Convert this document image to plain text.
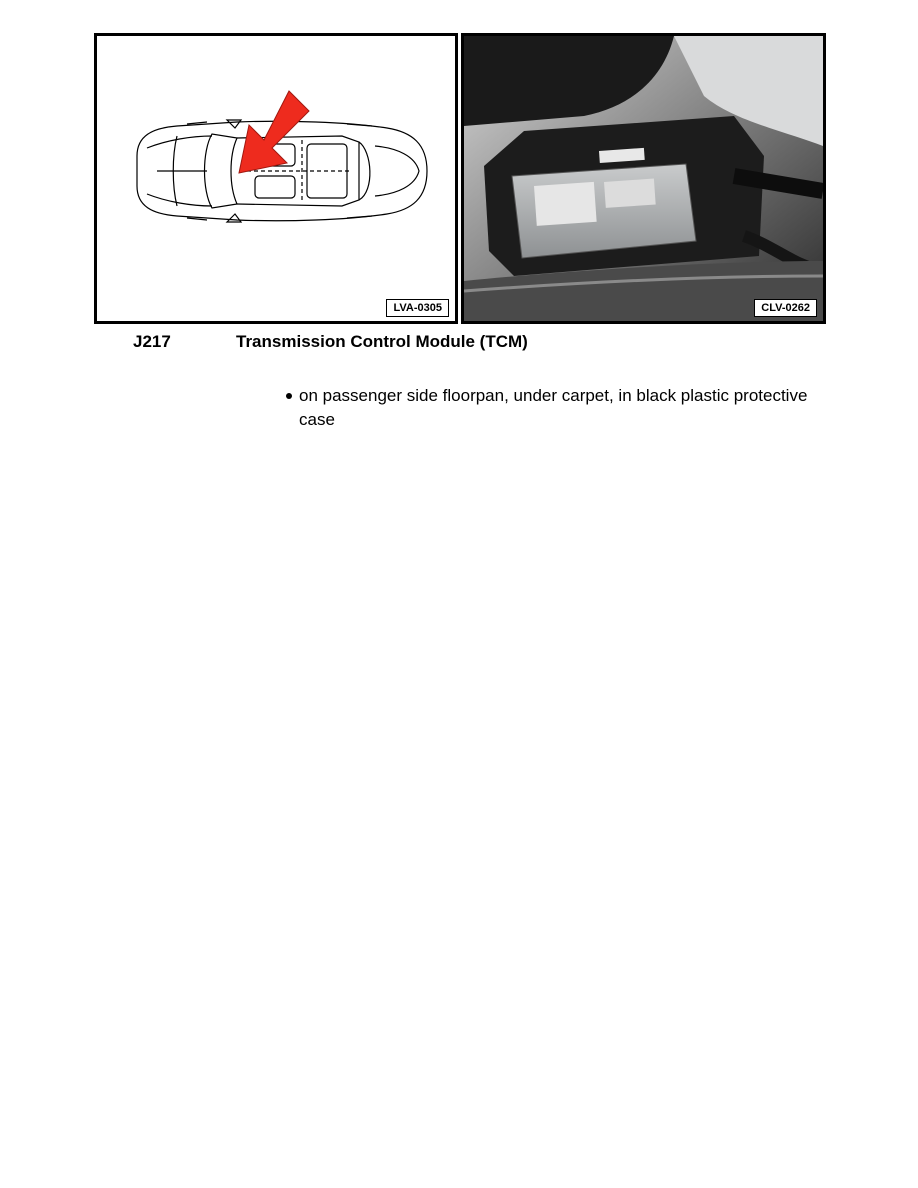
LVA-0305	CLV-0262
J217	Transmission Control Module (TCM)
on passenger side floorpan, under carpet, in black plastic protective case
